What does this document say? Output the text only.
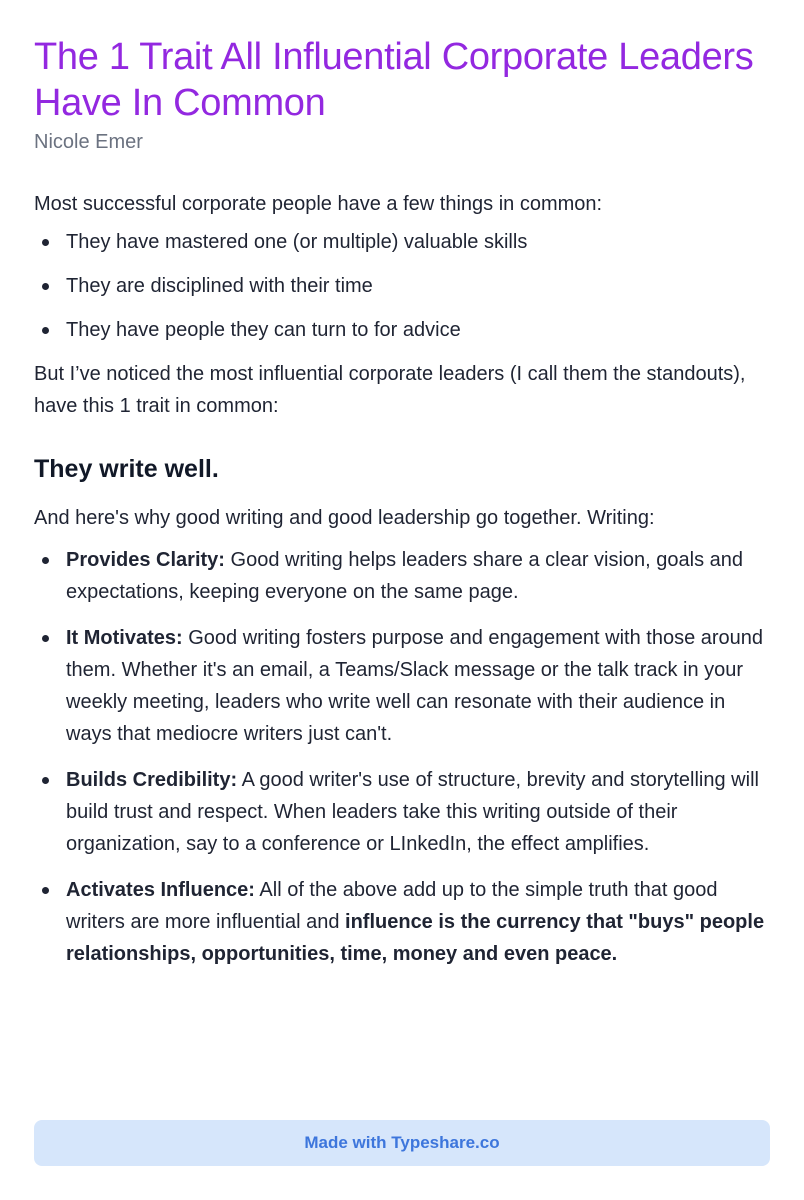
The 1 Trait All Influential Corporate Leaders Have In Common
Nicole Emer

Most successful corporate people have a few things in common:

They have mastered one (or multiple) valuable skills
They are disciplined with their time
They have people they can turn to for advice

But I’ve noticed the most influential corporate leaders (I call them the standouts), have this 1 trait in common:

They write well.

And here's why good writing and good leadership go together. Writing:

Provides Clarity: Good writing helps leaders share a clear vision, goals and expectations, keeping everyone on the same page.
It Motivates: Good writing fosters purpose and engagement with those around them. Whether it's an email, a Teams/Slack message or the talk track in your weekly meeting, leaders who write well can resonate with their audience in ways that mediocre writers just can't.
Builds Credibility: A good writer's use of structure, brevity and storytelling will build trust and respect. When leaders take this writing outside of their organization, say to a conference or LInkedIn, the effect amplifies.
Activates Influence: All of the above add up to the simple truth that good writers are more influential and influence is the currency that "buys" people relationships, opportunities, time, money and even peace.
Made with Typeshare.co
